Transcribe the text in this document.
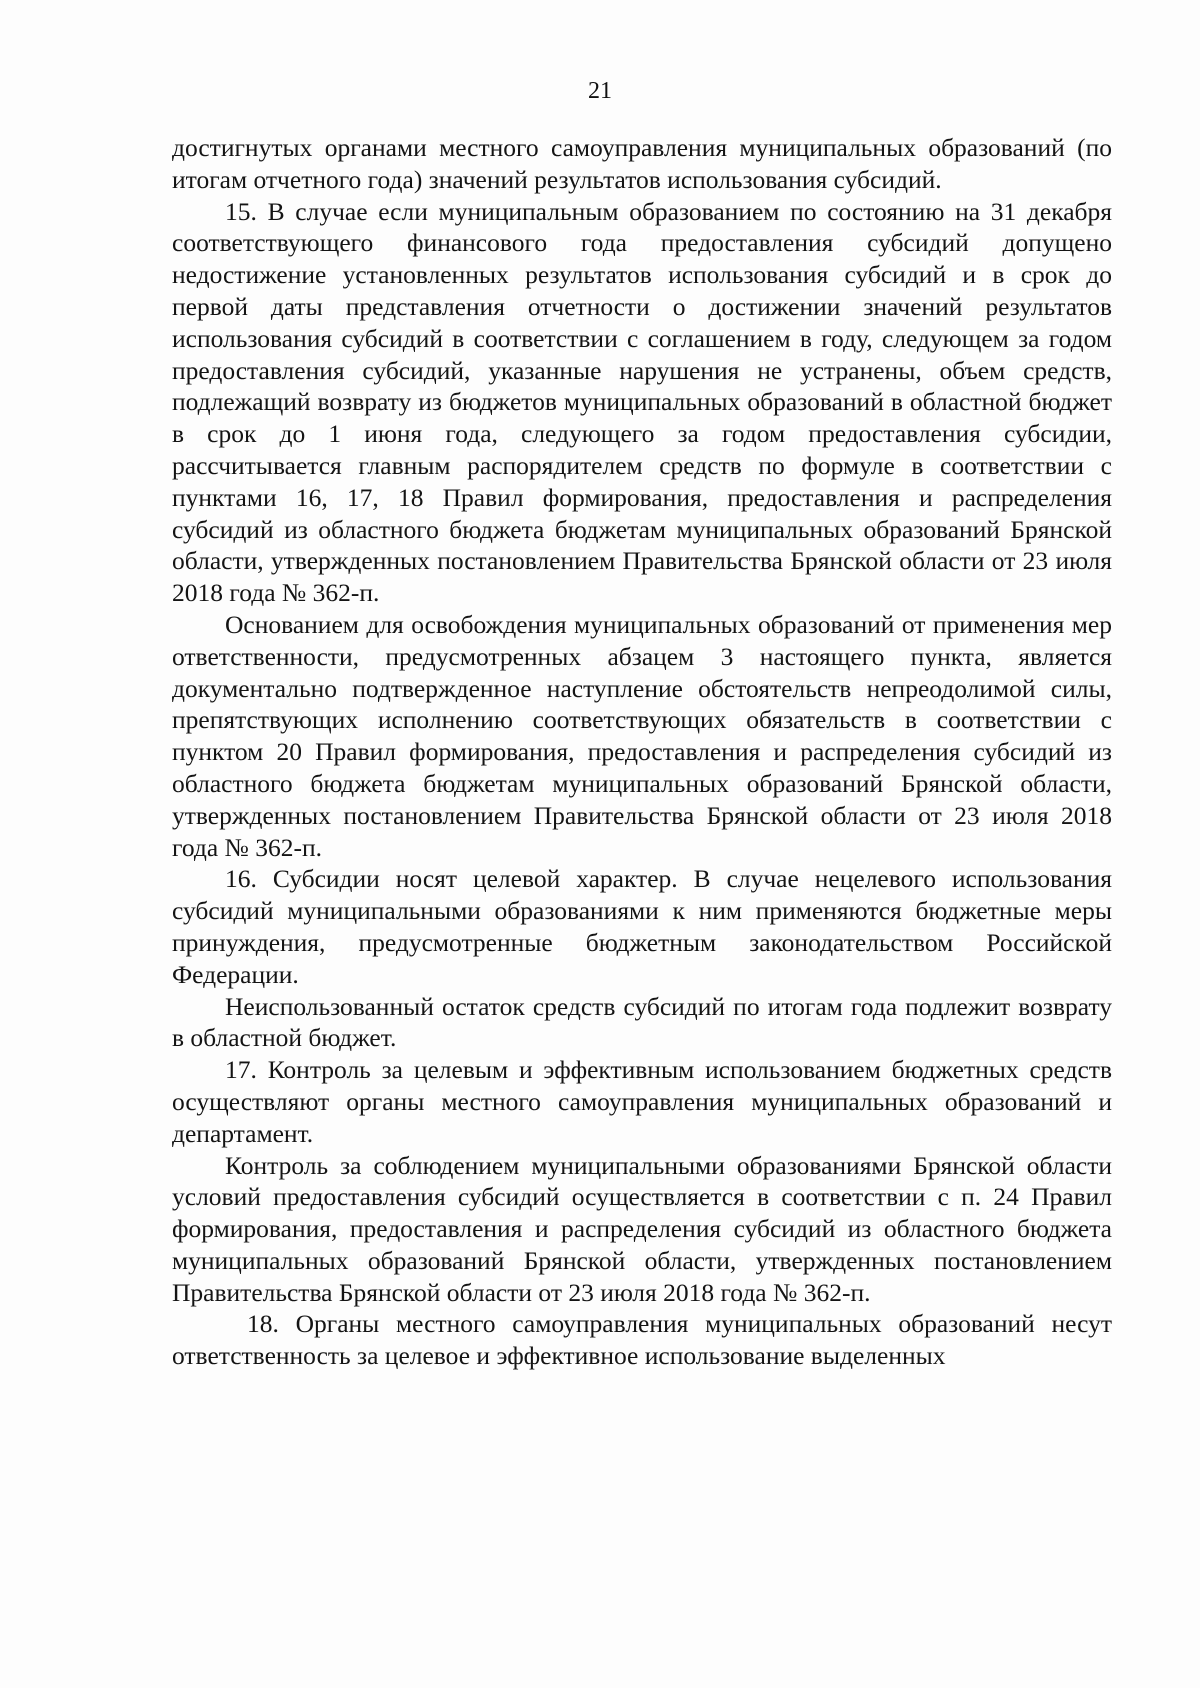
21

достигнутых органами местного самоуправления муниципальных образований (по итогам отчетного года) значений результатов использования субсидий.

15. В случае если муниципальным образованием по состоянию на 31 декабря соответствующего финансового года предоставления субсидий допущено недостижение установленных результатов использования субсидий и в срок до первой даты представления отчетности о достижении значений результатов использования субсидий в соответствии с соглашением в году, следующем за годом предоставления субсидий, указанные нарушения не устранены, объем средств, подлежащий возврату из бюджетов муниципальных образований в областной бюджет в срок до 1 июня года, следующего за годом предоставления субсидии, рассчитывается главным распорядителем средств по формуле в соответствии с пунктами 16, 17, 18 Правил формирования, предоставления и распределения субсидий из областного бюджета бюджетам муниципальных образований Брянской области, утвержденных постановлением Правительства Брянской области от 23 июля 2018 года № 362-п.

Основанием для освобождения муниципальных образований от применения мер ответственности, предусмотренных абзацем 3 настоящего пункта, является документально подтвержденное наступление обстоятельств непреодолимой силы, препятствующих исполнению соответствующих обязательств в соответствии с пунктом 20 Правил формирования, предоставления и распределения субсидий из областного бюджета бюджетам муниципальных образований Брянской области, утвержденных постановлением Правительства Брянской области от 23 июля 2018 года № 362-п.

16. Субсидии носят целевой характер. В случае нецелевого использования субсидий муниципальными образованиями к ним применяются бюджетные меры принуждения, предусмотренные бюджетным законодательством Российской Федерации.

Неиспользованный остаток средств субсидий по итогам года подлежит возврату в областной бюджет.

17. Контроль за целевым и эффективным использованием бюджетных средств осуществляют органы местного самоуправления муниципальных образований и департамент.

Контроль за соблюдением муниципальными образованиями Брянской области условий предоставления субсидий осуществляется в соответствии с п. 24 Правил формирования, предоставления и распределения субсидий из областного бюджета муниципальных образований Брянской области, утвержденных постановлением Правительства Брянской области от 23 июля 2018 года № 362-п.

18. Органы местного самоуправления муниципальных образований несут ответственность за целевое и эффективное использование выделенных
